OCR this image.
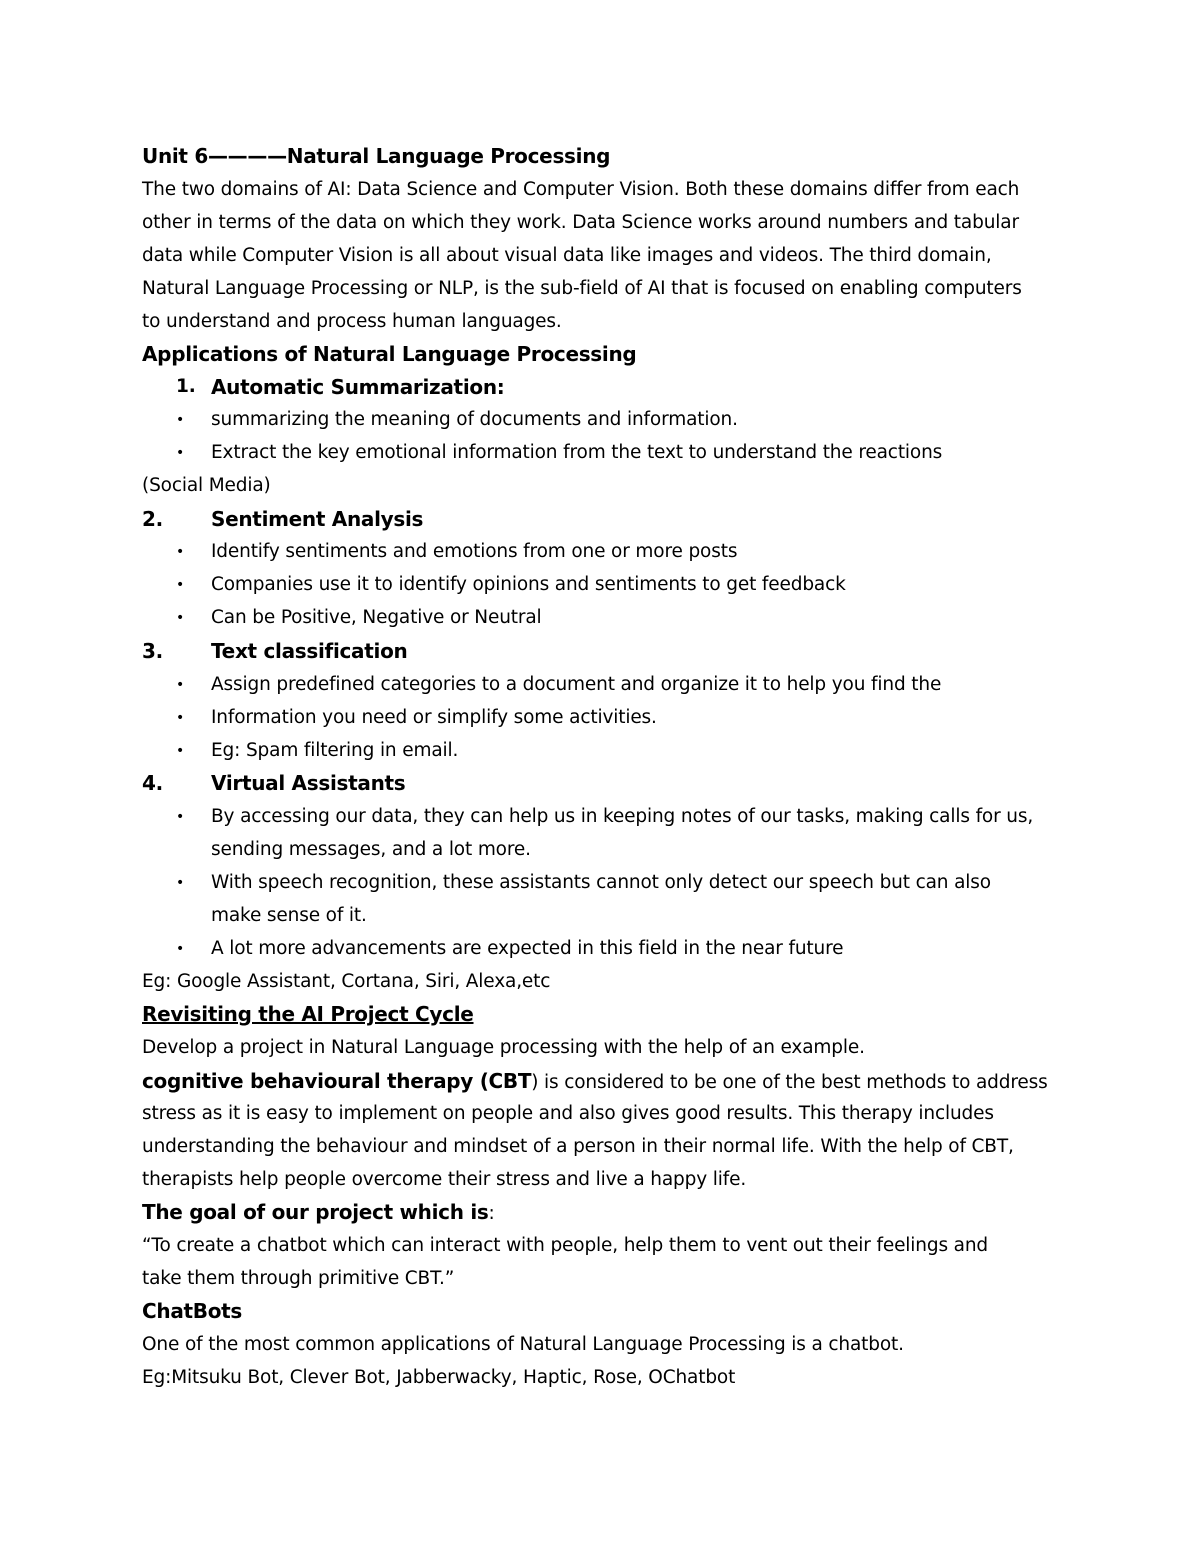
Unit 6————Natural Language Processing
The two domains of AI: Data Science and Computer Vision. Both these domains differ from each
other in terms of the data on which they work. Data Science works around numbers and tabular
data while Computer Vision is all about visual data like images and videos. The third domain,
Natural Language Processing or NLP, is the sub-field of AI that is focused on enabling computers
to understand and process human languages.
Applications of Natural Language Processing
1. Automatic Summarization:
• summarizing the meaning of documents and information.
• Extract the key emotional information from the text to understand the reactions
(Social Media)
2. Sentiment Analysis
• Identify sentiments and emotions from one or more posts
• Companies use it to identify opinions and sentiments to get feedback
• Can be Positive, Negative or Neutral
3. Text classification
• Assign predefined categories to a document and organize it to help you find the
• Information you need or simplify some activities.
• Eg: Spam filtering in email.
4. Virtual Assistants
• By accessing our data, they can help us in keeping notes of our tasks, making calls for us,
sending messages, and a lot more.
• With speech recognition, these assistants cannot only detect our speech but can also
make sense of it.
• A lot more advancements are expected in this field in the near future
Eg: Google Assistant, Cortana, Siri, Alexa,etc
Revisiting the AI Project Cycle
Develop a project in Natural Language processing with the help of an example.
cognitive behavioural therapy (CBT) is considered to be one of the best methods to address
stress as it is easy to implement on people and also gives good results. This therapy includes
understanding the behaviour and mindset of a person in their normal life. With the help of CBT,
therapists help people overcome their stress and live a happy life.
The goal of our project which is:
“To create a chatbot which can interact with people, help them to vent out their feelings and
take them through primitive CBT.”
ChatBots
One of the most common applications of Natural Language Processing is a chatbot.
Eg:Mitsuku Bot, Clever Bot, Jabberwacky, Haptic, Rose, OChatbot
